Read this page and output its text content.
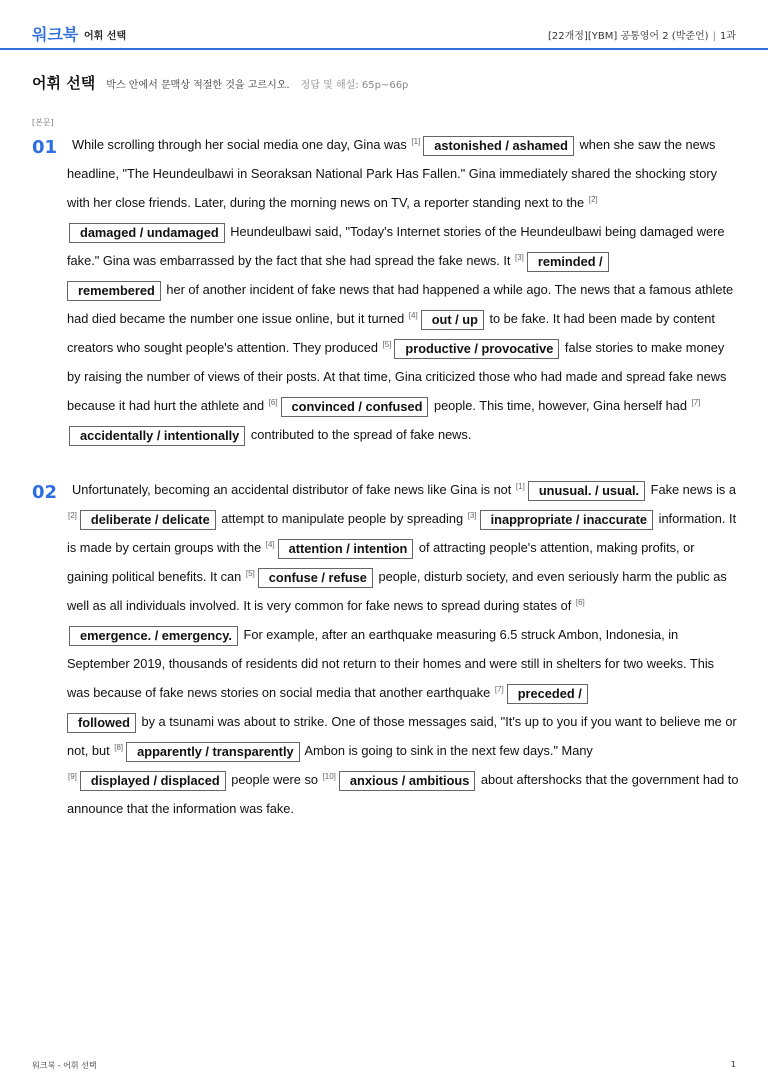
워크북 어휘 선택	[22개정][YBM] 공통영어 2 (박준언) | 1과
어휘 선택 박스 안에서 문맥상 적절한 것을 고르시오. 정답 및 해설: 65p~66p
[본문]
01	While scrolling through her social media one day, Gina was [1] astonished / ashamed when she saw the news headline, "The Heundeulbawi in Seoraksan National Park Has Fallen." Gina immediately shared the shocking story with her close friends. Later, during the morning news on TV, a reporter standing next to the [2]damaged / undamaged Heundeulbawi said, "Today's Internet stories of the Heundeulbawi being damaged were fake." Gina was embarrassed by the fact that she had spread the fake news. It [3] reminded /
remembered her of another incident of fake news that had happened a while ago. The news that a famous athlete had died became the number one issue online, but it turned [4] out / up to be fake. It had been made by content creators who sought people's attention. They produced [5] productive / provocative false stories to make money by raising the number of views of their posts. At that time, Gina criticized those who had made and spread fake news because it had hurt the athlete and [6] convinced / confused people. This time, however, Gina herself had [7]accidentally / intentionally contributed to the spread of fake news.
02	Unfortunately, becoming an accidental distributor of fake news like Gina is not [1] unusual. / usual. Fake news is a [2] deliberate / delicate attempt to manipulate people by spreading [3] inappropriate / inaccurate information. It is made by certain groups with the [4] attention / intention of attracting people's attention, making profits, or gaining political benefits. It can [5] confuse / refuse people, disturb society, and even seriously harm the public as well as all individuals involved. It is very common for fake news to spread during states of [6]emergence. / emergency. For example, after an earthquake measuring 6.5 struck Ambon, Indonesia, in September 2019, thousands of residents did not return to their homes and were still in shelters for two weeks. This was because of fake news stories on social media that another earthquake [7] preceded /
followed by a tsunami was about to strike. One of those messages said, "It's up to you if you want to believe me or not, but [8] apparently / transparently Ambon is going to sink in the next few days." Many
[9] displayed / displaced people were so [10] anxious / ambitious about aftershocks that the government had to announce that the information was fake.
워크북 - 어휘 선택	1
